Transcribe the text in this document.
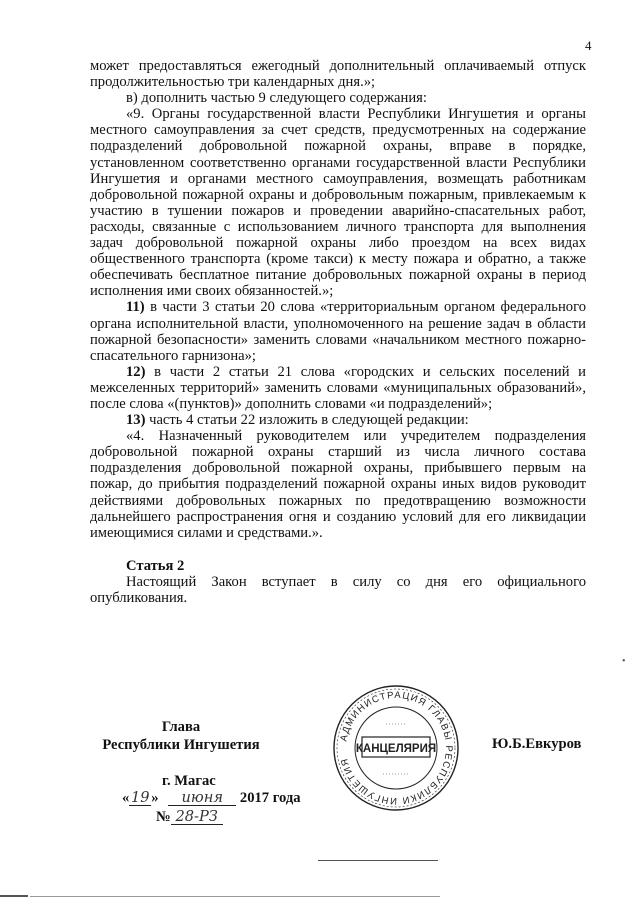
4

может предоставляться ежегодный дополнительный оплачиваемый отпуск продолжительностью три календарных дня.»;

в) дополнить частью 9 следующего содержания:

«9. Органы государственной власти Республики Ингушетия и органы местного самоуправления за счет средств, предусмотренных на содержание подразделений добровольной пожарной охраны, вправе в порядке, установленном соответственно органами государственной власти Республики Ингушетия и органами местного самоуправления, возмещать работникам добровольной пожарной охраны и добровольным пожарным, привлекаемым к участию в тушении пожаров и проведении аварийно-спасательных работ, расходы, связанные с использованием личного транспорта для выполнения задач добровольной пожарной охраны либо проездом на всех видах общественного транспорта (кроме такси) к месту пожара и обратно, а также обеспечивать бесплатное питание добровольных пожарной охраны в период исполнения ими своих обязанностей.»;

11) в части 3 статьи 20 слова «территориальным органом федерального органа исполнительной власти, уполномоченного на решение задач в области пожарной безопасности» заменить словами «начальником местного пожарно-спасательного гарнизона»;

12) в части 2 статьи 21 слова «городских и сельских поселений и межселенных территорий» заменить словами «муниципальных образований», после слова «(пунктов)» дополнить словами «и подразделений»;

13) часть 4 статьи 22 изложить в следующей редакции:

«4. Назначенный руководителем или учредителем подразделения добровольной пожарной охраны старший из числа личного состава подразделения добровольной пожарной охраны, прибывшего первым на пожар, до прибытия подразделений пожарной охраны иных видов руководит действиями добровольных пожарных по предотвращению возможности дальнейшего распространения огня и созданию условий для его ликвидации имеющимися силами и средствами.».

Статья 2

Настоящий Закон вступает в силу со дня его официального опубликования.

Глава
Республики Ингушетия	АДМИНИСТРАЦИЯ ГЛАВЫ РЕСПУБЛИКИ ИНГУШЕТИЯ
КАНЦЕЛЯРИЯ	Ю.Б.Евкуров
г. Магас
« 19 » июня 2017 года
№ 28-РЗ
•
